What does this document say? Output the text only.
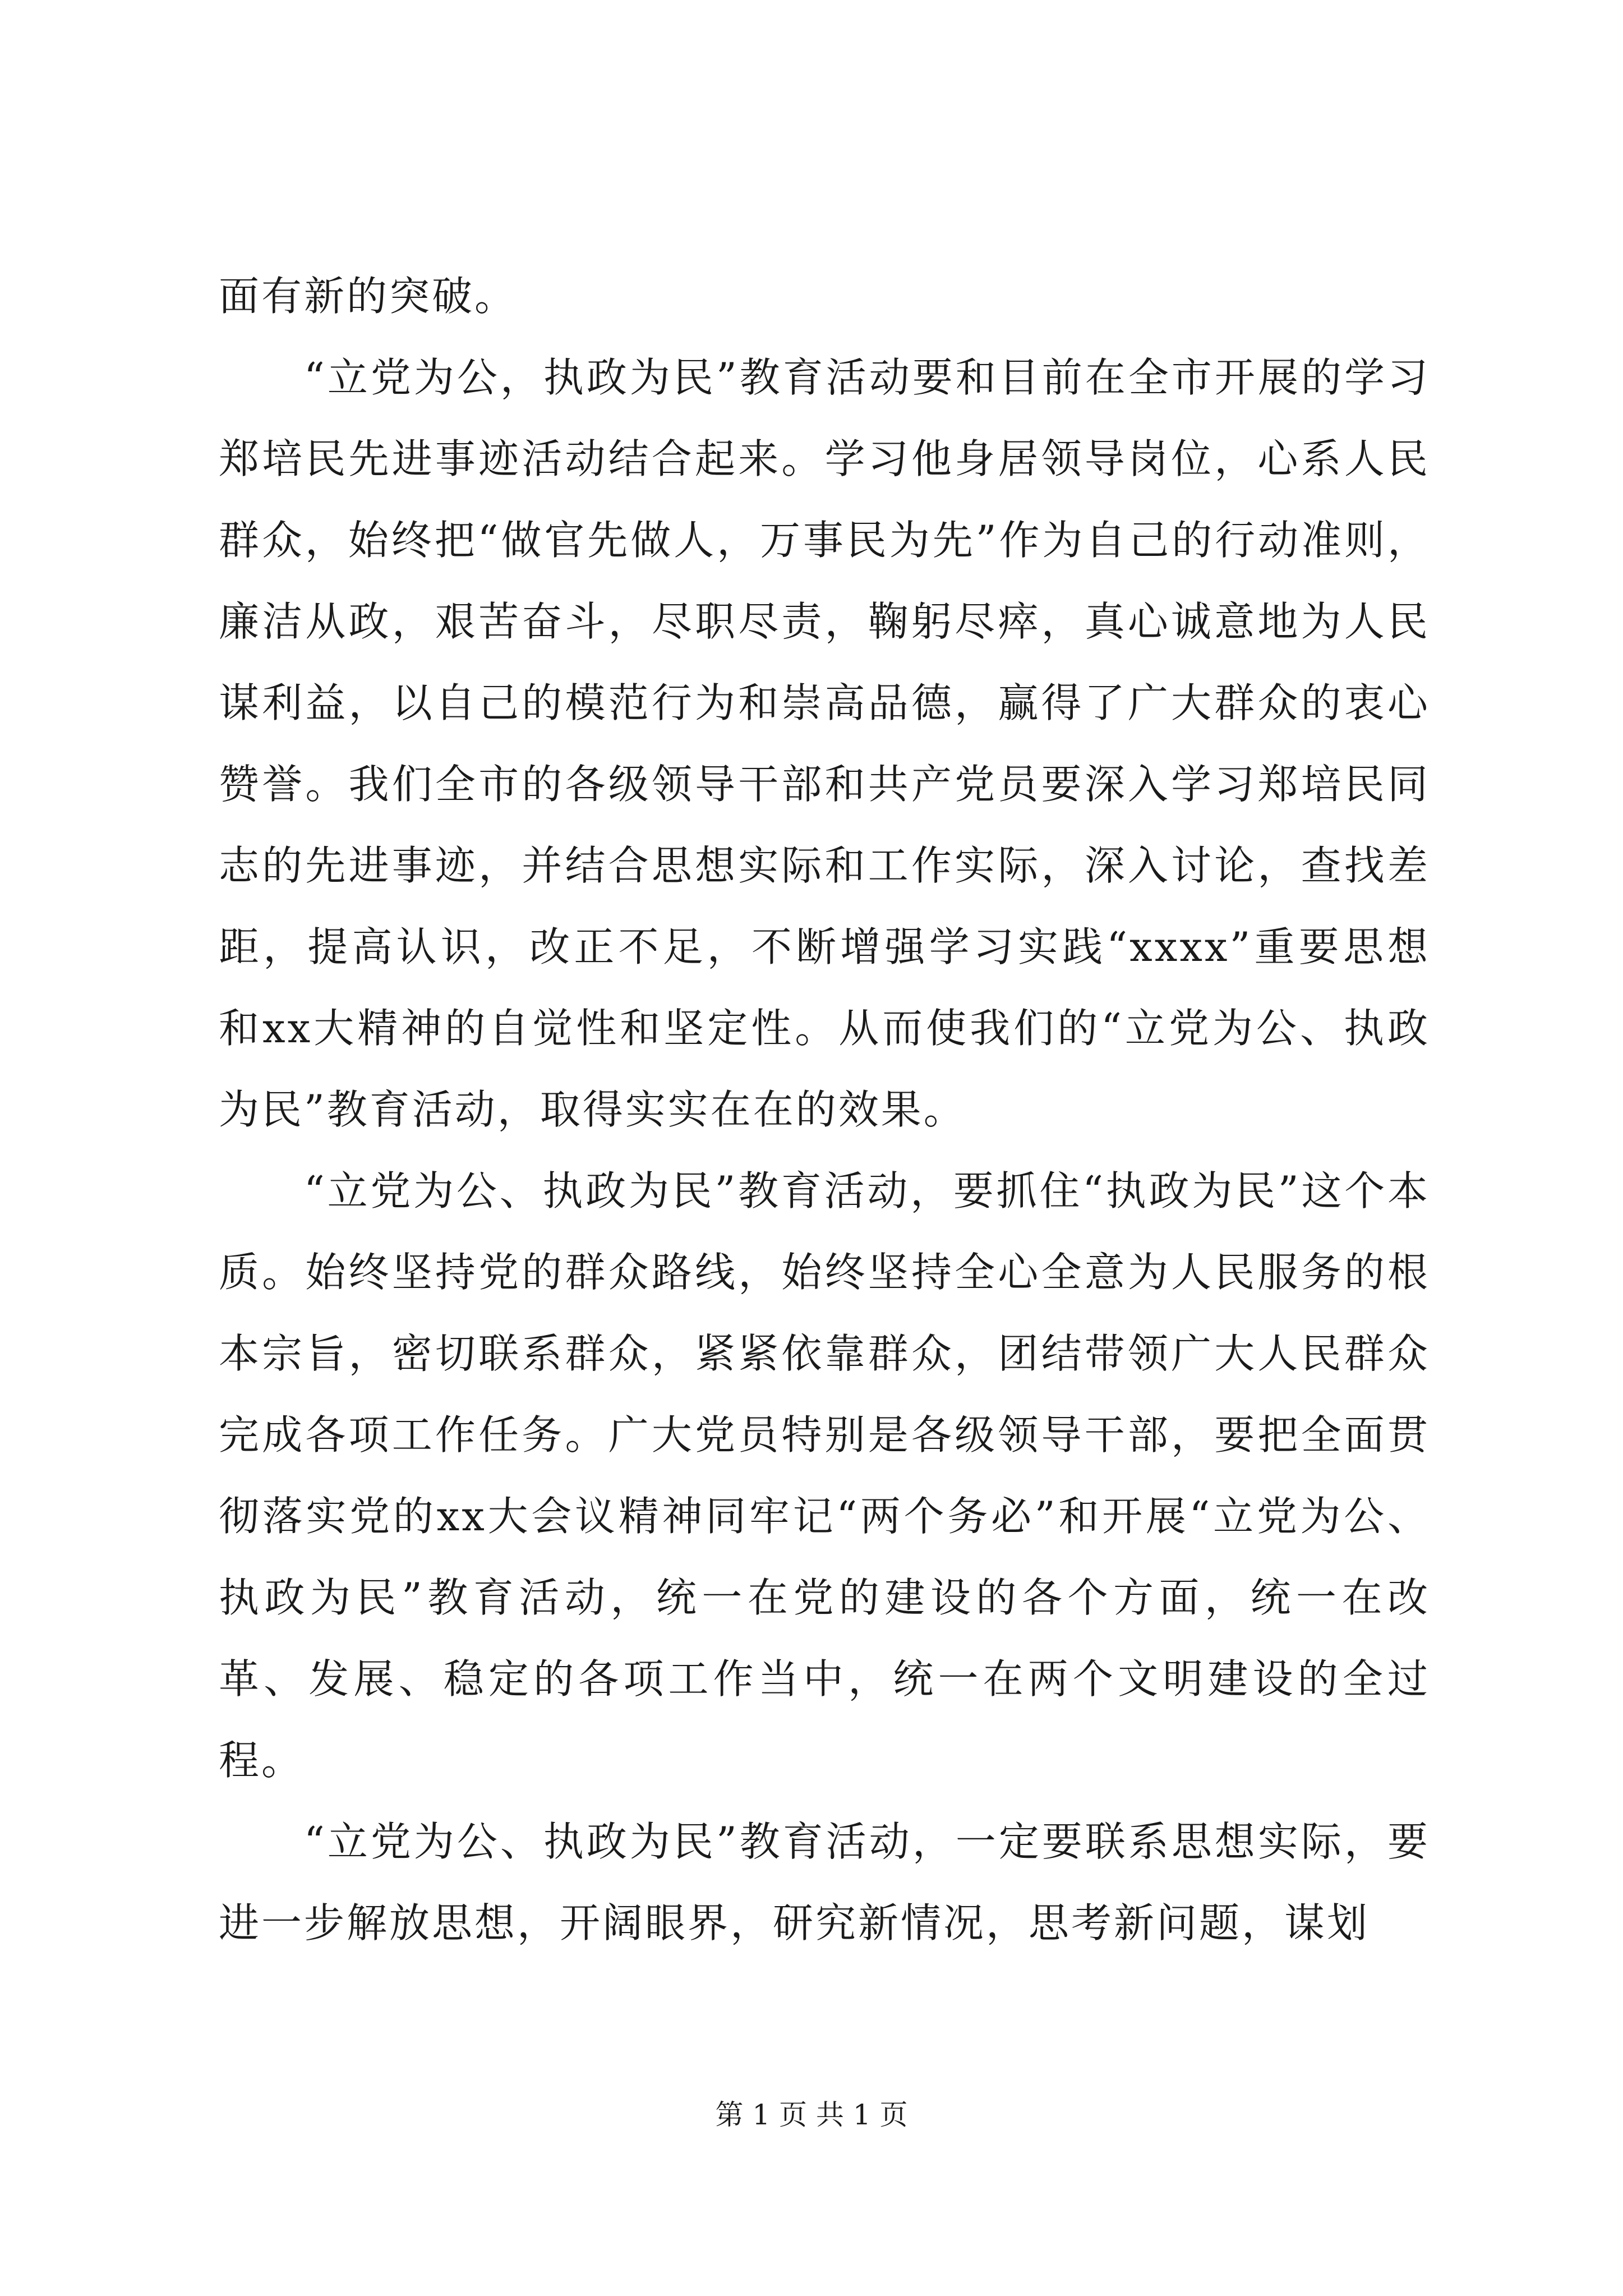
面有新的突破。

“立党为公，执政为民”教育活动要和目前在全市开展的学习郑培民先进事迹活动结合起来。学习他身居领导岗位，心系人民群众，始终把“做官先做人，万事民为先”作为自己的行动准则，廉洁从政，艰苦奋斗，尽职尽责，鞠躬尽瘁，真心诚意地为人民谋利益，以自己的模范行为和崇高品德，赢得了广大群众的衷心赞誉。我们全市的各级领导干部和共产党员要深入学习郑培民同志的先进事迹，并结合思想实际和工作实际，深入讨论，查找差距，提高认识，改正不足，不断增强学习实践“xxxx”重要思想和xx大精神的自觉性和坚定性。从而使我们的“立党为公、执政为民”教育活动，取得实实在在的效果。

“立党为公、执政为民”教育活动，要抓住“执政为民”这个本质。始终坚持党的群众路线，始终坚持全心全意为人民服务的根本宗旨，密切联系群众，紧紧依靠群众，团结带领广大人民群众完成各项工作任务。广大党员特别是各级领导干部，要把全面贯彻落实党的xx大会议精神同牢记“两个务必”和开展“立党为公、执政为民”教育活动，统一在党的建设的各个方面，统一在改革、发展、稳定的各项工作当中，统一在两个文明建设的全过程。

“立党为公、执政为民”教育活动，一定要联系思想实际，要进一步解放思想，开阔眼界，研究新情况，思考新问题，谋划

第 1 页 共 1 页
